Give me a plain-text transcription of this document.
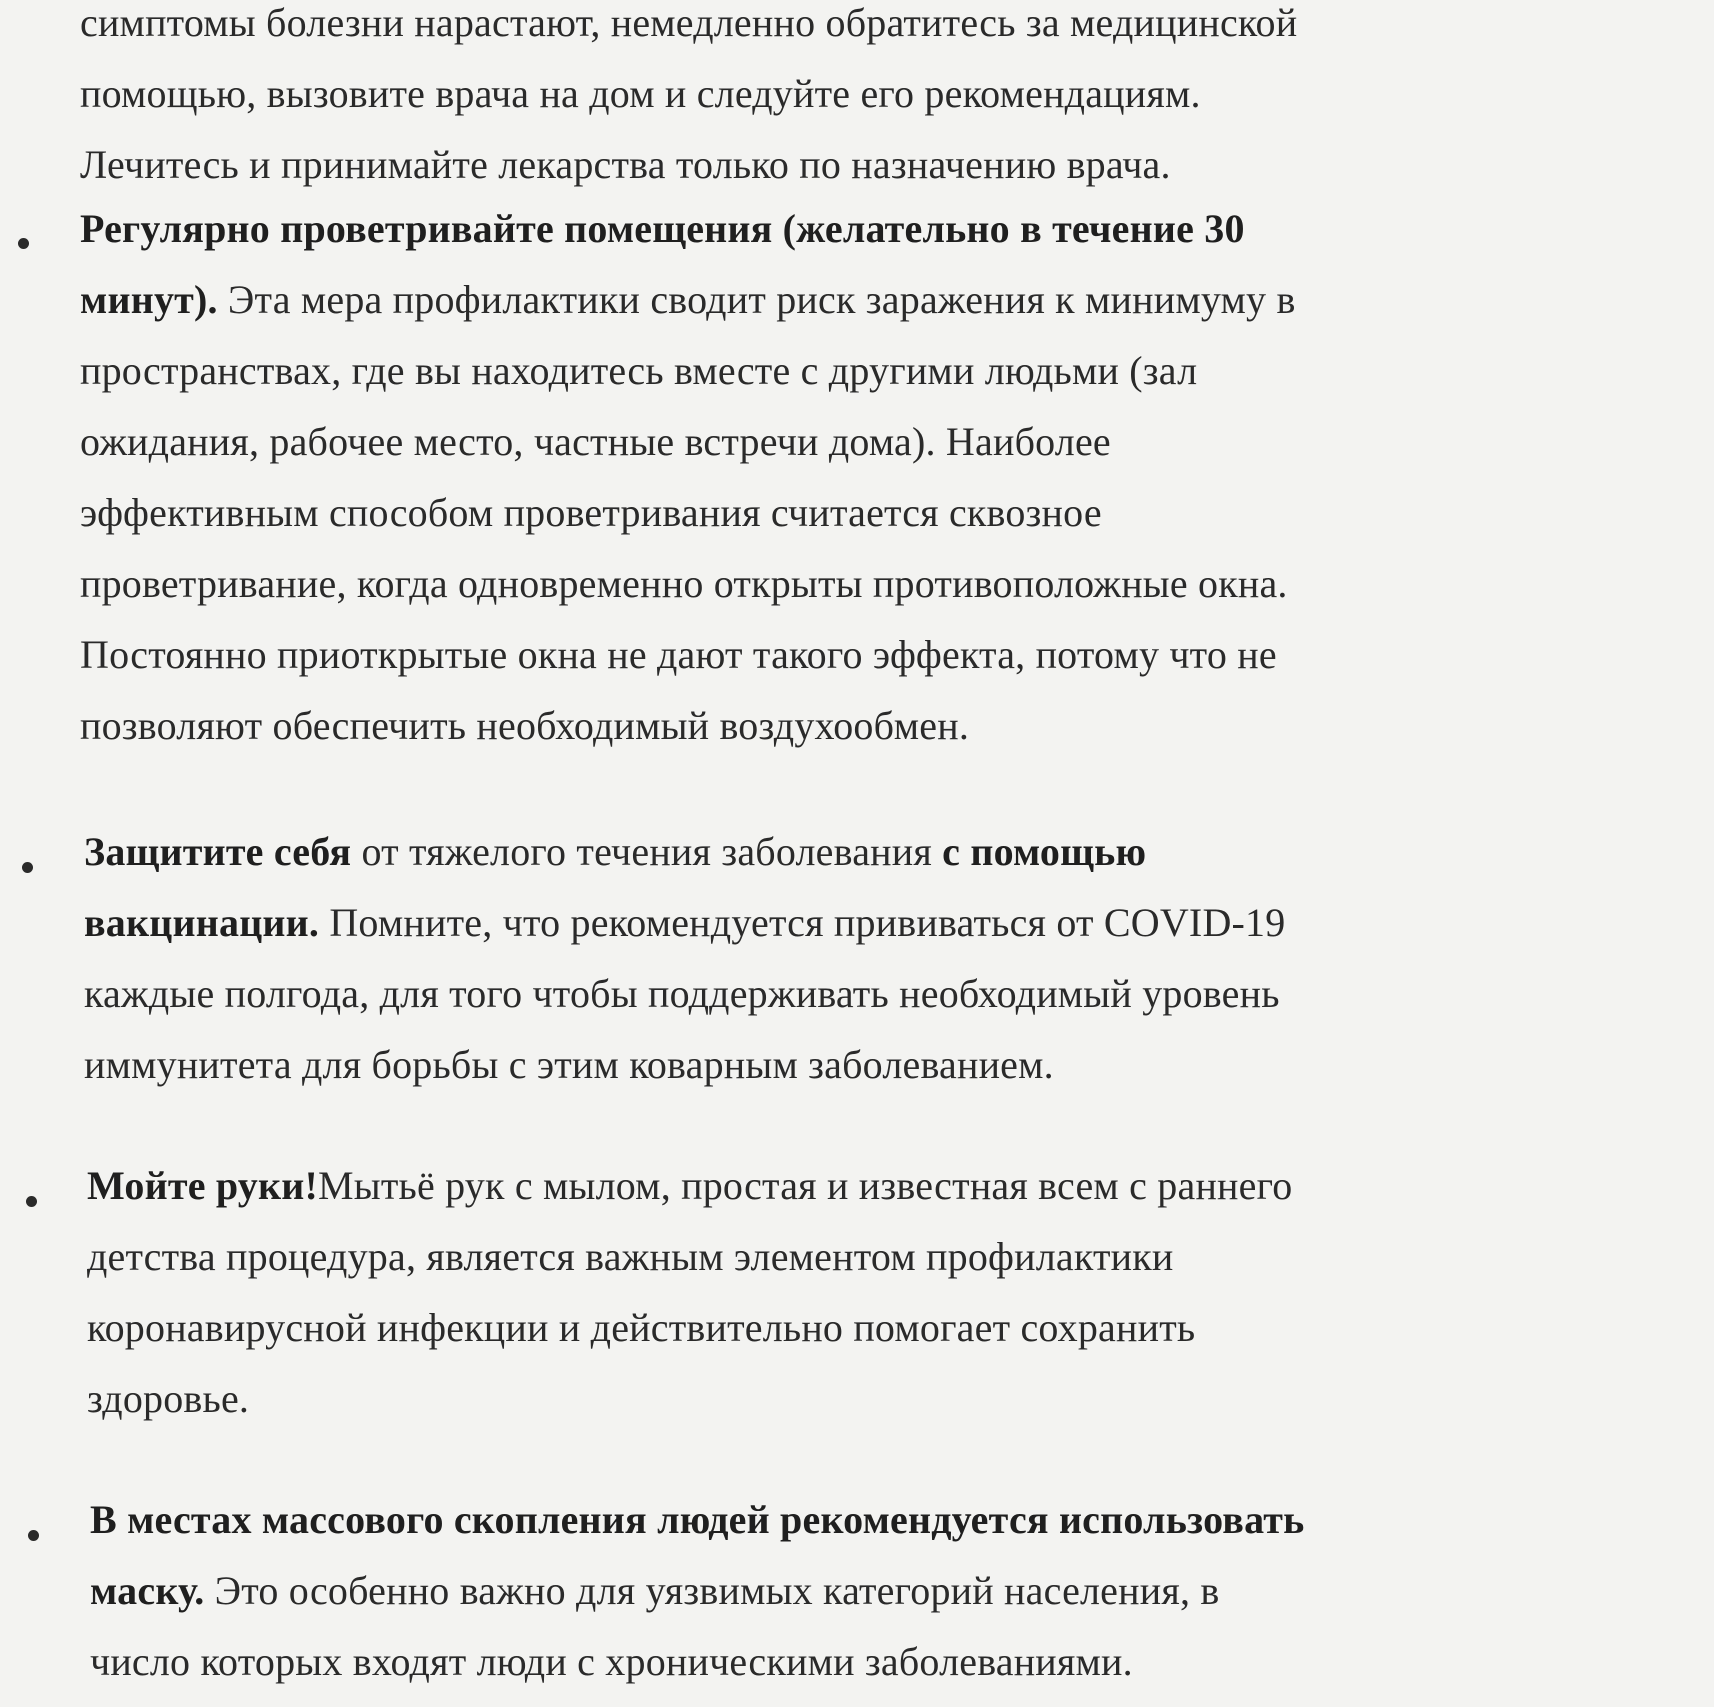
симптомы болезни нарастают, немедленно обратитесь за медицинской
помощью, вызовите врача на дом и следуйте его рекомендациям.
Лечитесь и принимайте лекарства только по назначению врача.
Регулярно проветривайте помещения (желательно в течение 30
минут). Эта мера профилактики сводит риск заражения к минимуму в
пространствах, где вы находитесь вместе с другими людьми (зал
ожидания, рабочее место, частные встречи дома). Наиболее
эффективным способом проветривания считается сквозное
проветривание, когда одновременно открыты противоположные окна.
Постоянно приоткрытые окна не дают такого эффекта, потому что не
позволяют обеспечить необходимый воздухообмен.
Защитите себя от тяжелого течения заболевания с помощью
вакцинации. Помните, что рекомендуется прививаться от COVID-19
каждые полгода, для того чтобы поддерживать необходимый уровень
иммунитета для борьбы с этим коварным заболеванием.
Мойте руки!Мытьё рук с мылом, простая и известная всем с раннего
детства процедура, является важным элементом профилактики
коронавирусной инфекции и действительно помогает сохранить
здоровье.
В местах массового скопления людей рекомендуется использовать
маску. Это особенно важно для уязвимых категорий населения, в
число которых входят люди с хроническими заболеваниями.
